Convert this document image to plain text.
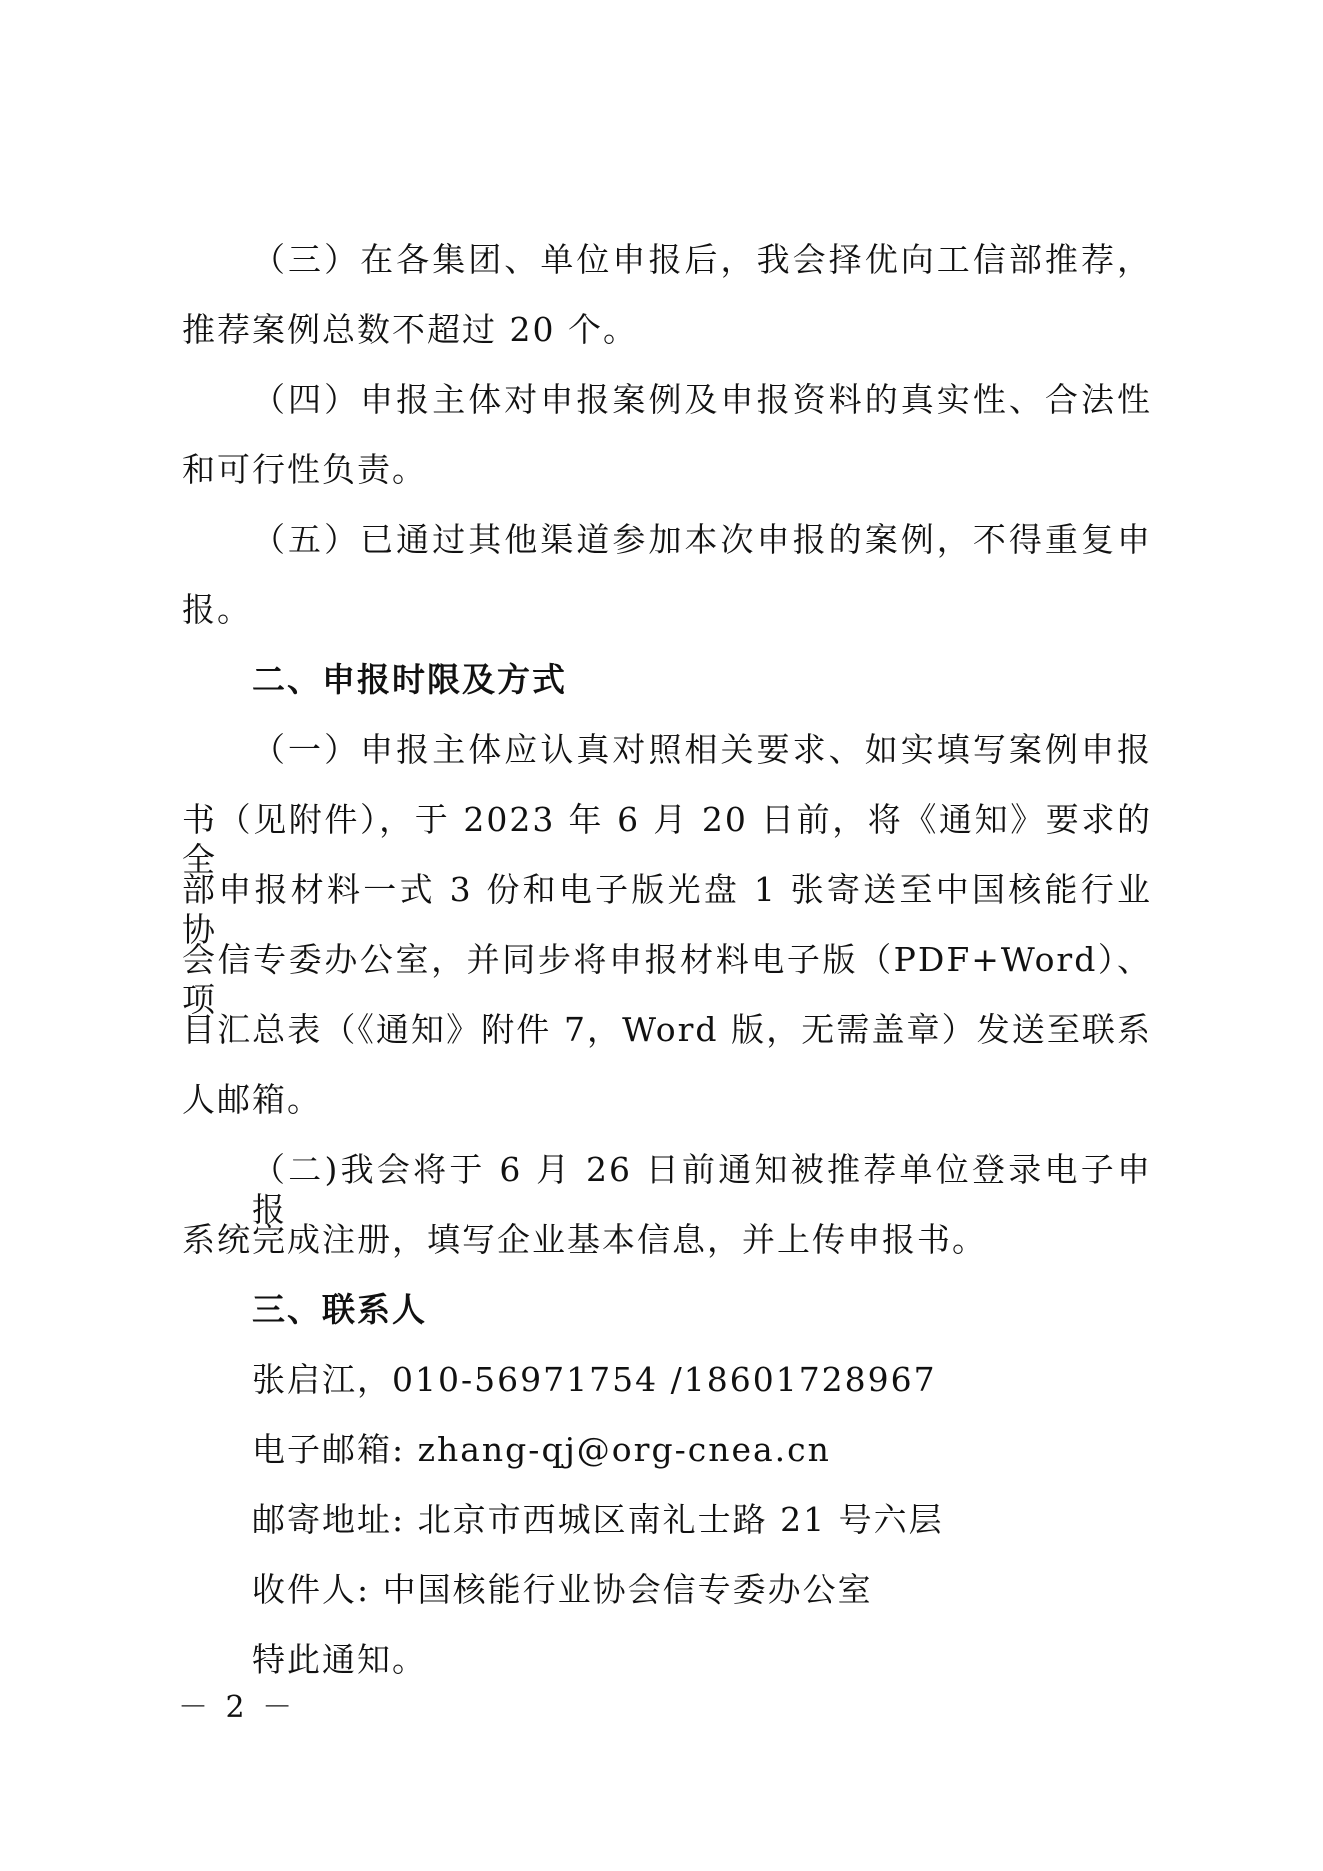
（三）在各集团、单位申报后，我会择优向工信部推荐，
推荐案例总数不超过 20 个。
（四）申报主体对申报案例及申报资料的真实性、合法性
和可行性负责。
（五）已通过其他渠道参加本次申报的案例，不得重复申
报。
二、申报时限及方式
（一）申报主体应认真对照相关要求、如实填写案例申报
书（见附件），于 2023 年 6 月 20 日前，将《通知》要求的全
部申报材料一式 3 份和电子版光盘 1 张寄送至中国核能行业协
会信专委办公室，并同步将申报材料电子版（PDF+Word）、项
目汇总表（《通知》附件 7，Word 版，无需盖章）发送至联系
人邮箱。
（二)我会将于 6 月 26 日前通知被推荐单位登录电子申报
系统完成注册，填写企业基本信息，并上传申报书。
三、联系人
张启江，010-56971754 /18601728967
电子邮箱: zhang-qj@org-cnea.cn
邮寄地址: 北京市西城区南礼士路 21 号六层
收件人: 中国核能行业协会信专委办公室
特此通知。
－ 2 －
